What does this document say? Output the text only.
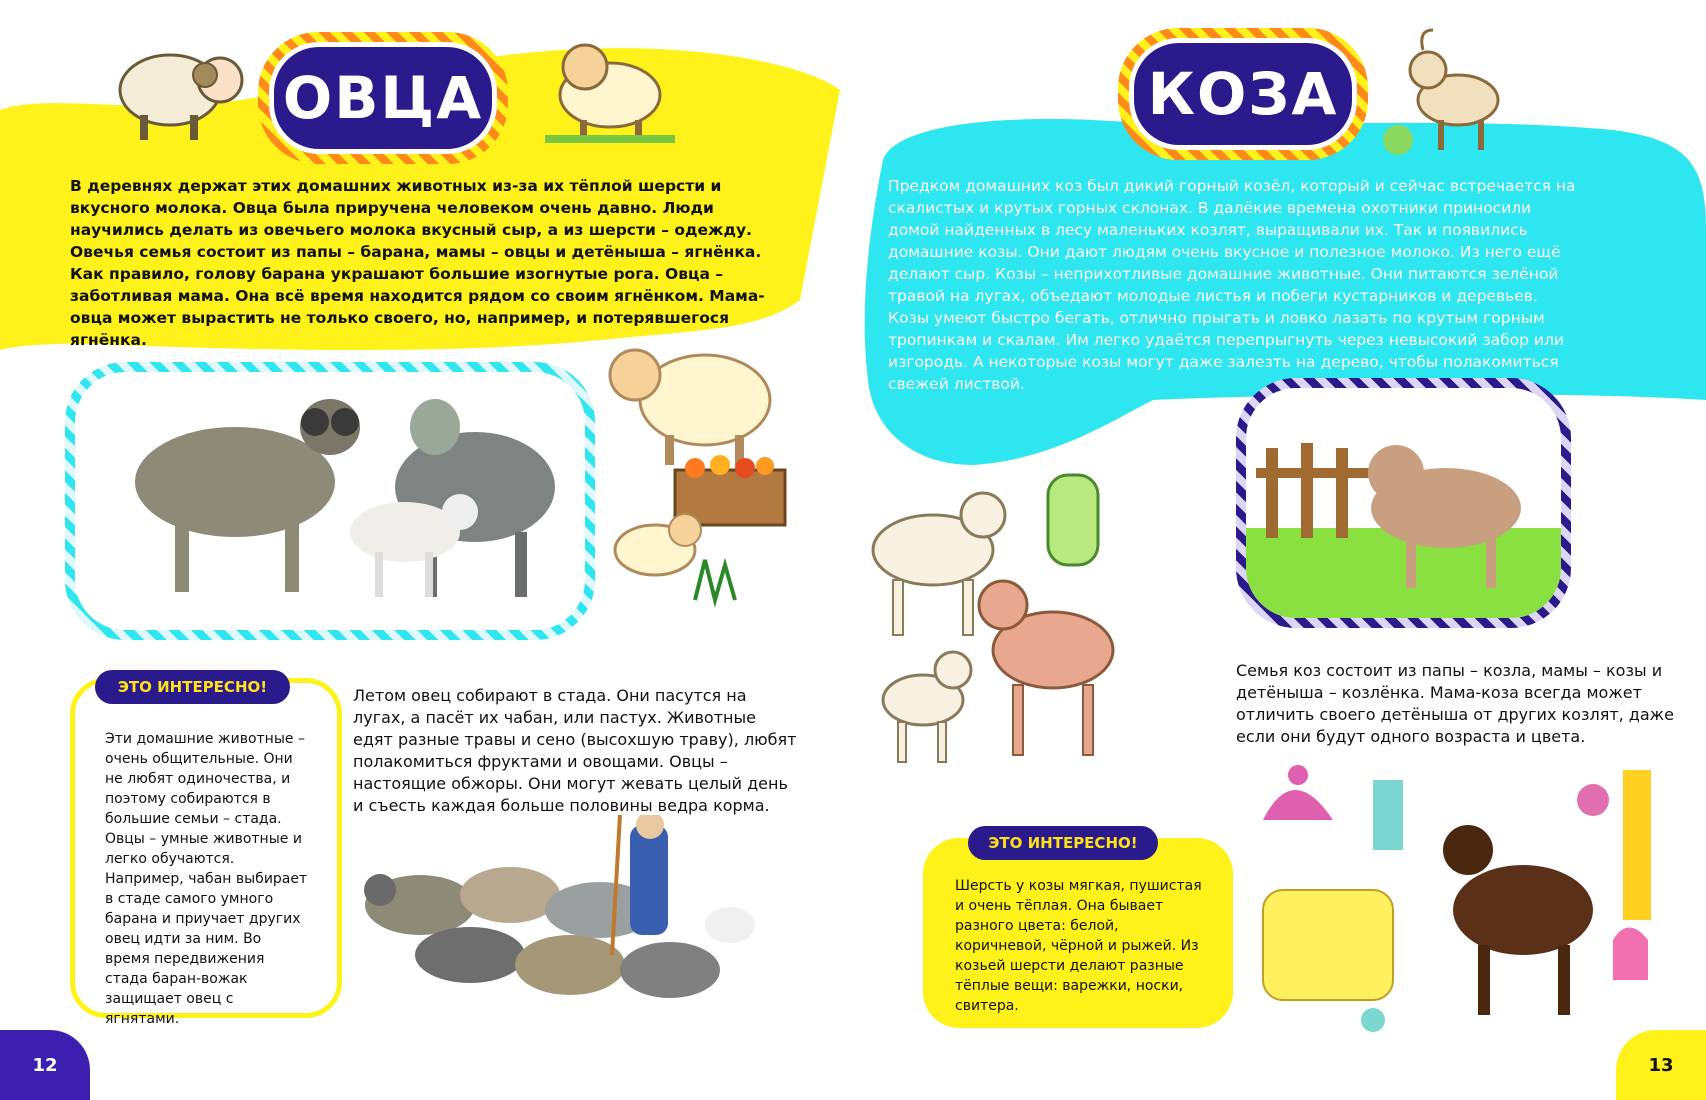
ОВЦА
В деревнях держат этих домашних животных из-за их тёплой шерсти и вкусного молока. Овца была приручена человеком очень давно. Люди научились делать из овечьего молока вкусный сыр, а из шерсти – одежду. Овечья семья состоит из папы – барана, мамы – овцы и детёныша – ягнёнка. Как правило, голову барана украшают большие изогнутые рога. Овца – заботливая мама. Она всё время находится рядом со своим ягнёнком. Мама-овца может вырастить не только своего, но, например, и потерявшегося ягнёнка.
Эти домашние животные – очень общительные. Они не любят одиночества, и поэтому собираются в большие семьи – стада. Овцы – умные животные и легко обучаются. Например, чабан выбирает в стаде самого умного барана и приучает других овец идти за ним. Во время передвижения стада баран-вожак защищает овец с ягнятами.
ЭТО ИНТЕРЕСНО!	Летом овец собирают в стада. Они пасутся на лугах, а пасёт их чабан, или пастух. Животные едят разные травы и сено (высохшую траву), любят полакомиться фруктами и овощами. Овцы – настоящие обжоры. Они могут жевать целый день и съесть каждая больше половины ведра корма.
12
КОЗА
Предком домашних коз был дикий горный козёл, который и сейчас встречается на скалистых и крутых горных склонах. В далёкие времена охотники приносили домой найденных в лесу маленьких козлят, выращивали их. Так и появились домашние козы. Они дают людям очень вкусное и полезное молоко. Из него ещё делают сыр. Козы – неприхотливые домашние животные. Они питаются зелёной травой на лугах, объедают молодые листья и побеги кустарников и деревьев. Козы умеют быстро бегать, отлично прыгать и ловко лазать по крутым горным тропинкам и скалам. Им легко удаётся перепрыгнуть через невысокий забор или изгородь. А некоторые козы могут даже залезть на дерево, чтобы полакомиться свежей листвой.
Семья коз состоит из папы – козла, мамы – козы и детёныша – козлёнка. Мама-коза всегда может отличить своего детёныша от других козлят, даже если они будут одного возраста и цвета.
Шерсть у козы мягкая, пушистая и очень тёплая. Она бывает разного цвета: белой, коричневой, чёрной и рыжей. Из козьей шерсти делают разные тёплые вещи: варежки, носки, свитера.
ЭТО ИНТЕРЕСНО!
13
